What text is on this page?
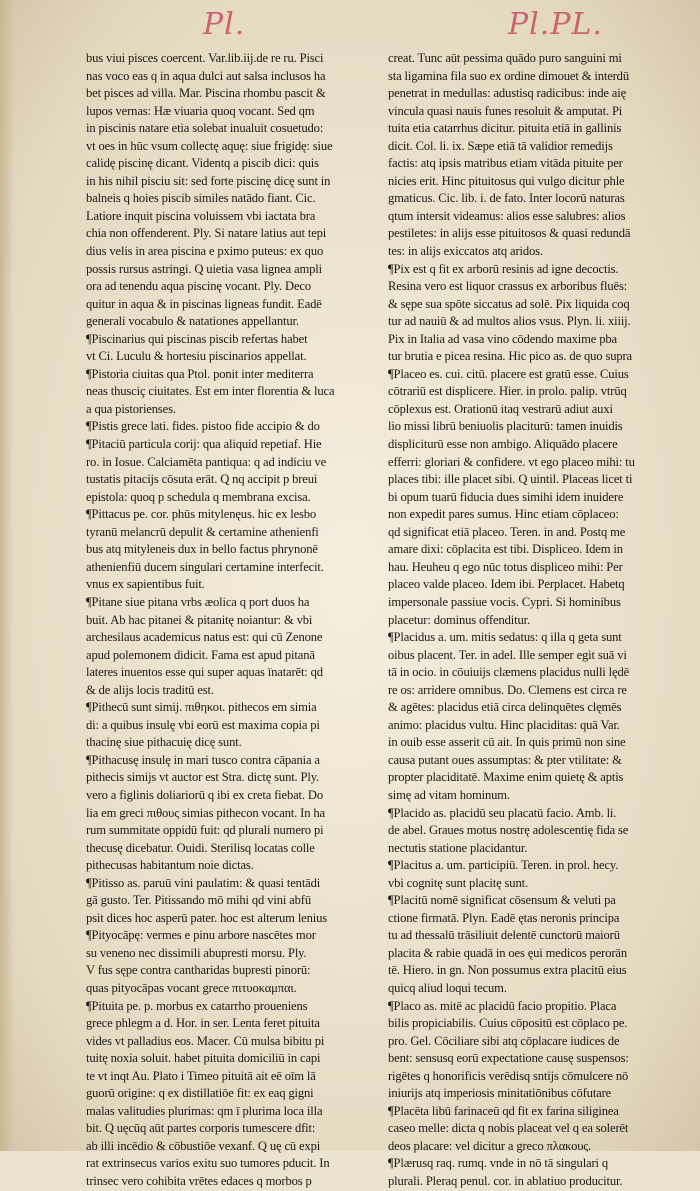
Pl.	Pl.PL.
bus viui pisces coercent. Var.lib.iij.de re ru. Pisci
nas voco eas q in aqua dulci aut salsa inclusos ha
bet pisces ad villa. Mar. Piscina rhombu pascit &
lupos vernas: Hæ viuaria quoq vocant. Sed qm
in piscinis natare etia solebat inualuit cosuetudo:
vt oes in hūc vsum collectę aquę: siue frigidę: siue
calidę piscinę dicant. Videntq a piscib dici: quis
in his nihil pisciu sit: sed forte piscinę dicę sunt in
balneis q hoies piscib similes natādo fiant. Cic.
Latiore inquit piscina voluissem vbi iactata bra
chia non offenderent. Ply. Si natare latius aut tepi
dius velis in area piscina e pximo puteus: ex quo
possis rursus astringi. Q uietia vasa lignea ampli
ora ad tenendu aqua piscinę vocant. Ply. Deco
quitur in aqua & in piscinas ligneas fundit. Eadē
generali vocabulo & natationes appellantur.
¶Piscinarius qui piscinas piscib refertas habet
vt Ci. Luculu & hortesiu piscinarios appellat.
¶Pistoria ciuitas qua Ptol. ponit inter mediterra
neas thusciç ciuitates. Est em inter florentia & luca
a qua pistorienses.
¶Pistis grece lati. fides. pistoo fide accipio & do
¶Pitaciū particula corij: qua aliquid repetiaf. Hie
ro. in Iosue. Calciamēta pantiqua: q ad indiciu ve
tustatis pitacijs cōsuta erāt. Q nq accipit p breui
epistola: quoq p schedula q membrana excisa.
¶Pittacus pe. cor. phūs mitylenęus. hic ex lesbo
tyranū melancrū depulit & certamine athenienfi
bus atq mityleneis dux in bello factus phrynonē
athenienfiū ducem singulari certamine interfecit.
vnus ex sapientibus fuit.
¶Pitane siue pitana vrbs æolica q port duos ha
buit. Ab hac pitanei & pitanitę noiantur: & vbi
archesilaus academicus natus est: qui cū Zenone
apud polemonem didicit. Fama est apud pitanā
lateres inuentos esse qui super aquas īnatarēt: qd
& de alijs locis traditū est.
¶Pithecū sunt simij. πιθηκοι. pithecos em simia
di: a quibus insulę vbi eorū est maxima copia pi
thacinę siue pithacuię dicę sunt.
¶Pithacusę insulę in mari tusco contra cāpania a
pithecis simijs vt auctor est Stra. dictę sunt. Ply.
vero a figlinis doliariorū q ibi ex creta fiebat. Do
lia em greci πιθους simias pithecon vocant. In ha
rum summitate oppidū fuit: qd plurali numero pi
thecusę dicebatur. Ouidi. Sterilisq locatas colle
pithecusas habitantum noie dictas.
¶Pitisso as. paruū vini paulatim: & quasi tentādi
gā gusto. Ter. Pitissando mō mihi qd vini abfū
psit dices hoc asperū pater. hoc est alterum lenius
¶Pityocāpę: vermes e pinu arbore nascētes mor
su veneno nec dissimili abupresti morsu. Ply.
V fus sępe contra cantharidas bupresti pinorū:
quas pityocāpas vocant grece πιτυοκαμπαι.
¶Pituita pe. p. morbus ex catarrho proueniens
grece phlegm a d. Hor. in ser. Lenta feret pituita
vides vt palladius eos. Macer. Cū mulsa bibitu pi
tuitę noxia soluit. habet pituita domiciliū in capi
te vt inqt Au. Plato i Timeo pituitā ait eē oīm lā
guorū origine: q ex distillatiōe fit: ex eaq gigni
malas valitudies plurimas: qm ī plurima loca illa
bit. Q uęcūq aūt partes corporis tumescere dfit:
ab illi incēdio & cōbustiōe vexanf. Q uę cū expi
rat extrinsecus varios exitu suo tumores pducit. In
trinsec vero cohibita vrētes edaces q morbos p
creat. Tunc aūt pessima quādo puro sanguini mi
sta ligamina fila suo ex ordine dimouet & interdū
penetrat in medullas: adustisq radicibus: inde aię
vincula quasi nauis funes resoluit & amputat. Pi
tuita etia catarrhus dicitur. pituita etiā in gallinis
dicit. Col. li. ix. Sæpe etiā tā validior remedijs
factis: atq ipsis matribus etiam vitāda pituite per
nicies erit. Hinc pituitosus qui vulgo dicitur phle
gmaticus. Cic. lib. i. de fato. Inter locorū naturas
qtum intersit videamus: alios esse salubres: alios
pestiletes: in alijs esse pituitosos & quasi redundā
tes: in alijs exiccatos atq aridos.
¶Pix est q fit ex arborū resinis ad igne decoctis.
Resina vero est liquor crassus ex arboribus fluēs:
& sępe sua spōte siccatus ad solē. Pix liquida coq
tur ad nauiū & ad multos alios vsus. Plyn. li. xiiij.
Pix in Italia ad vasa vino cōdendo maxime pba
tur brutia e picea resina. Hic pico as. de quo supra
¶Placeo es. cui. citū. placere est gratū esse. Cuius
cōtrariū est displicere. Hier. in prolo. palip. vtrūq
cōplexus est. Orationū itaq vestrarū adiut auxi
lio missi librū beniuolis placiturū: tamen inuidis
displiciturū esse non ambigo. Aliquādo placere
efferri: gloriari & confidere. vt ego placeo mihi: tu
places tibi: ille placet sibi. Q uintil. Placeas licet ti
bi opum tuarū fiducia dues simihi idem inuidere
non expedit pares sumus. Hinc etiam cōplaceo:
qd significat etiā placeo. Teren. in and. Postq me
amare dixi: cōplacita est tibi. Displiceo. Idem in
hau. Heuheu q ego nūc totus displiceo mihi: Per
placeo valde placeo. Idem ibi. Perplacet. Habetq
impersonale passiue vocis. Cypri. Si hominibus
placetur: dominus offenditur.
¶Placidus a. um. mitis sedatus: q illa q geta sunt
oibus placent. Ter. in adel. Ille semper egit suā vi
tā in ocio. in cōuiuijs clæmens placidus nulli lędē
re os: arridere omnibus. Do. Clemens est circa re
& agētes: placidus etiā circa delinquētes clęmēs
animo: placidus vultu. Hinc placiditas: quā Var.
in ouib esse asserit cū ait. In quis primū non sine
causa putant oues assumptas: & pter vtilitate: &
propter placiditatē. Maxime enim quietę & aptis
simę ad vitam hominum.
¶Placido as. placidū seu placatū facio. Amb. li.
de abel. Graues motus nostrę adolescentię fida se
nectutis statione placidantur.
¶Placitus a. um. participiū. Teren. in prol. hecy.
vbi cognitę sunt placitę sunt.
¶Placitū nomē significat cōsensum & veluti pa
ctione firmatā. Plyn. Eadē ętas neronis principa
tu ad thessalū trāsiliuit delentē cunctorū maiorū
placita & rabie quadā in oes ęui medicos perorān
tē. Hiero. in gn. Non possumus extra placitū eius
quicq aliud loqui tecum.
¶Placo as. mitē ac placidū facio propitio. Placa
bilis propiciabilis. Cuius cōpositū est cōplaco pe.
pro. Gel. Cōciliare sibi atq cōplacare iudices de
bent: sensusq eorū expectatione causę suspensos:
rigētes q honorificis verēdisq sntijs cōmulcere nō
iniurijs atq imperiosis minitatiōnibus cōfutare
¶Placēta libū farinaceū qd fit ex farina siliginea
caseo melle: dicta q nobis placeat vel q ea solerēt
deos placare: vel dicitur a greco πλακους.
¶Plærusq raq. rumq. vnde in nō tā singulari q
plurali. Pleraq penul. cor. in ablatiuo producitur.
